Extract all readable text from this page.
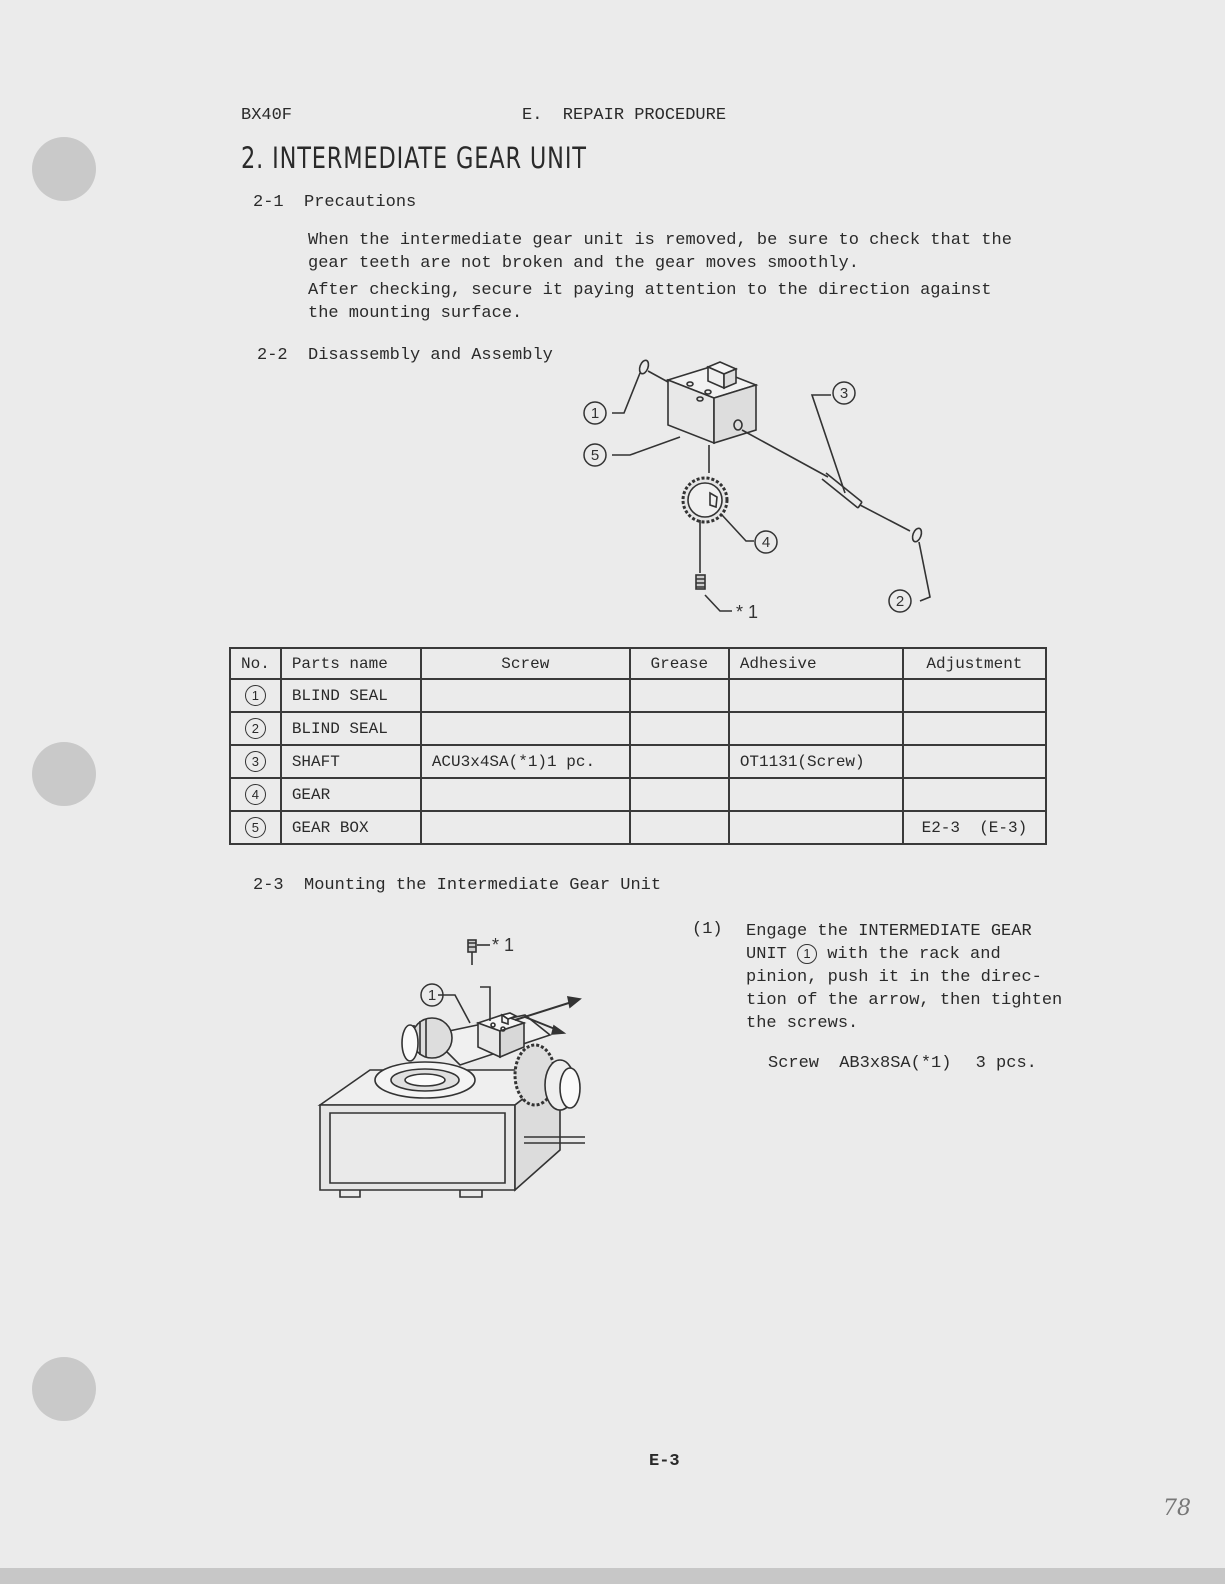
BX40F	E.  REPAIR PROCEDURE
2. INTERMEDIATE GEAR UNIT
2-1  Precautions

When the intermediate gear unit is removed, be sure to check that the

gear teeth are not broken and the gear moves smoothly.

After checking, secure it paying attention to the direction against

the mounting surface.

2-2  Disassembly and Assembly
1
5
3
4
2
* 1
No.	Parts name	Screw	Grease	Adhesive	Adjustment
1	BLIND SEAL				
2	BLIND SEAL				
3	SHAFT	ACU3x4SA(*1)1 pc.		OT1131(Screw)	
4	GEAR				
5	GEAR BOX				E2-3  (E-3)
2-3  Mounting the Intermediate Gear Unit
1
* 1
(1) Engage the INTERMEDIATE GEAR
UNIT 1 with the rack and
pinion, push it in the direc-
tion of the arrow, then tighten
the screws.
Screw AB3x8SA(*1) 3 pcs.
E-3
78
